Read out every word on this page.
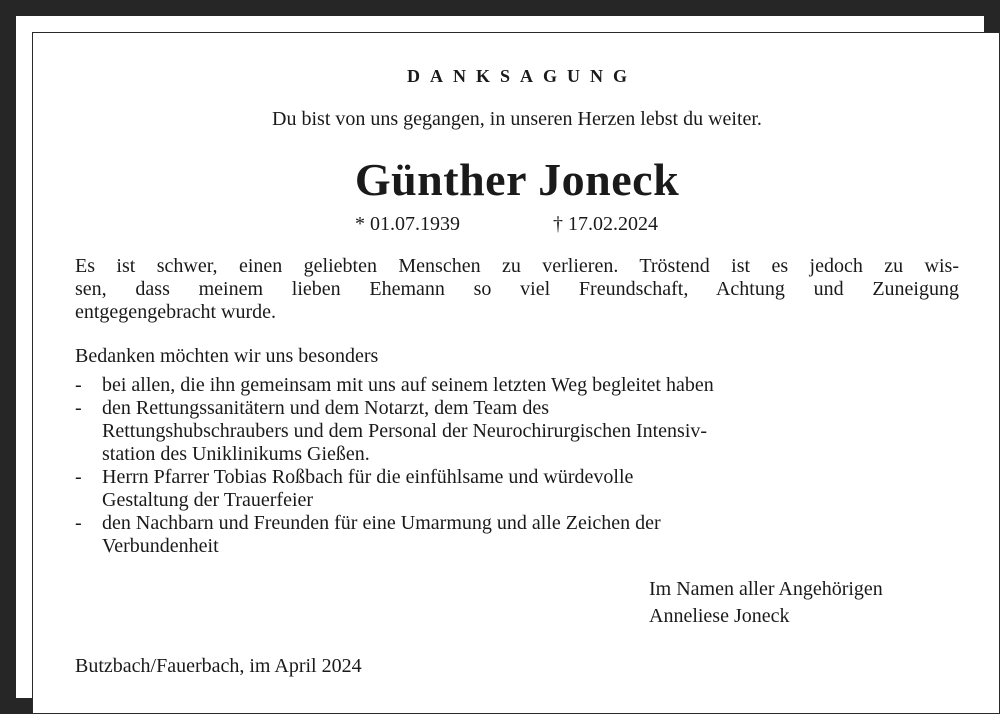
DANKSAGUNG
Du bist von uns gegangen, in unseren Herzen lebst du weiter.
Günther Joneck
* 01.07.1939	† 17.02.2024
Es ist schwer, einen geliebten Menschen zu verlieren. Tröstend ist es jedoch zu wis-
sen, dass meinem lieben Ehemann so viel Freundschaft, Achtung und Zuneigung
entgegengebracht wurde.
Bedanken möchten wir uns besonders
- bei allen, die ihn gemeinsam mit uns auf seinem letzten Weg begleitet haben
- den Rettungssanitätern und dem Notarzt, dem Team des
Rettungshubschraubers und dem Personal der Neurochirurgischen Intensiv-
station des Uniklinikums Gießen.
- Herrn Pfarrer Tobias Roßbach für die einfühlsame und würdevolle
Gestaltung der Trauerfeier
- den Nachbarn und Freunden für eine Umarmung und alle Zeichen der
Verbundenheit
Im Namen aller Angehörigen
Anneliese Joneck
Butzbach/Fauerbach, im April 2024
